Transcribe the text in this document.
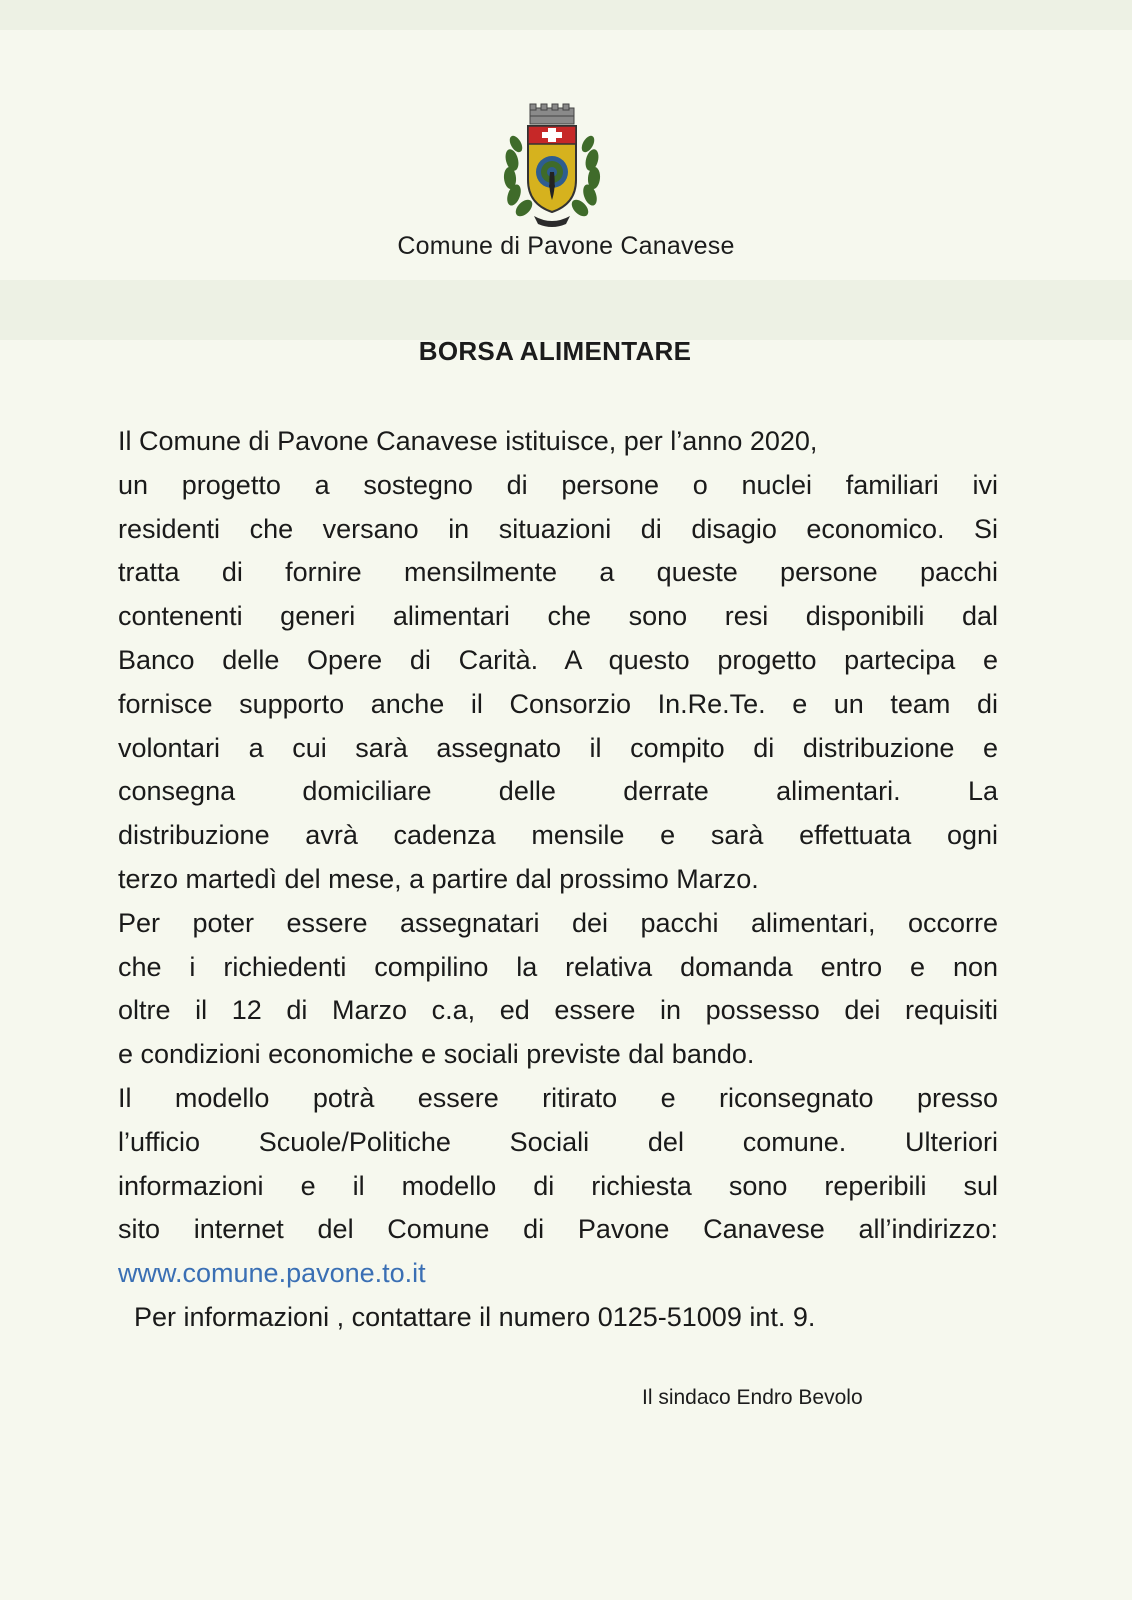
Comune di Pavone Canavese
BORSA ALIMENTARE
Il Comune di Pavone Canavese istituisce, per l’anno 2020,
un progetto a sostegno di persone o nuclei familiari ivi
residenti che versano in situazioni di disagio economico. Si
tratta di fornire mensilmente a queste persone pacchi
contenenti generi alimentari che sono resi disponibili dal
Banco delle Opere di Carità. A questo progetto partecipa e
fornisce supporto anche il Consorzio In.Re.Te. e un team di
volontari a cui sarà assegnato il compito di distribuzione e
consegna domiciliare delle derrate alimentari. La
distribuzione avrà cadenza mensile e sarà effettuata ogni
terzo martedì del mese, a partire dal prossimo Marzo.
Per poter essere assegnatari dei pacchi alimentari, occorre
che i richiedenti compilino la relativa domanda entro e non
oltre il 12 di Marzo c.a, ed essere in possesso dei requisiti
e condizioni economiche e sociali previste dal bando.
Il modello potrà essere ritirato e riconsegnato presso
l’ufficio Scuole/Politiche Sociali del comune. Ulteriori
informazioni e il modello di richiesta sono reperibili sul
sito internet del Comune di Pavone Canavese all’indirizzo:
www.comune.pavone.to.it
Per informazioni , contattare il numero 0125-51009 int. 9.
Il sindaco Endro Bevolo
